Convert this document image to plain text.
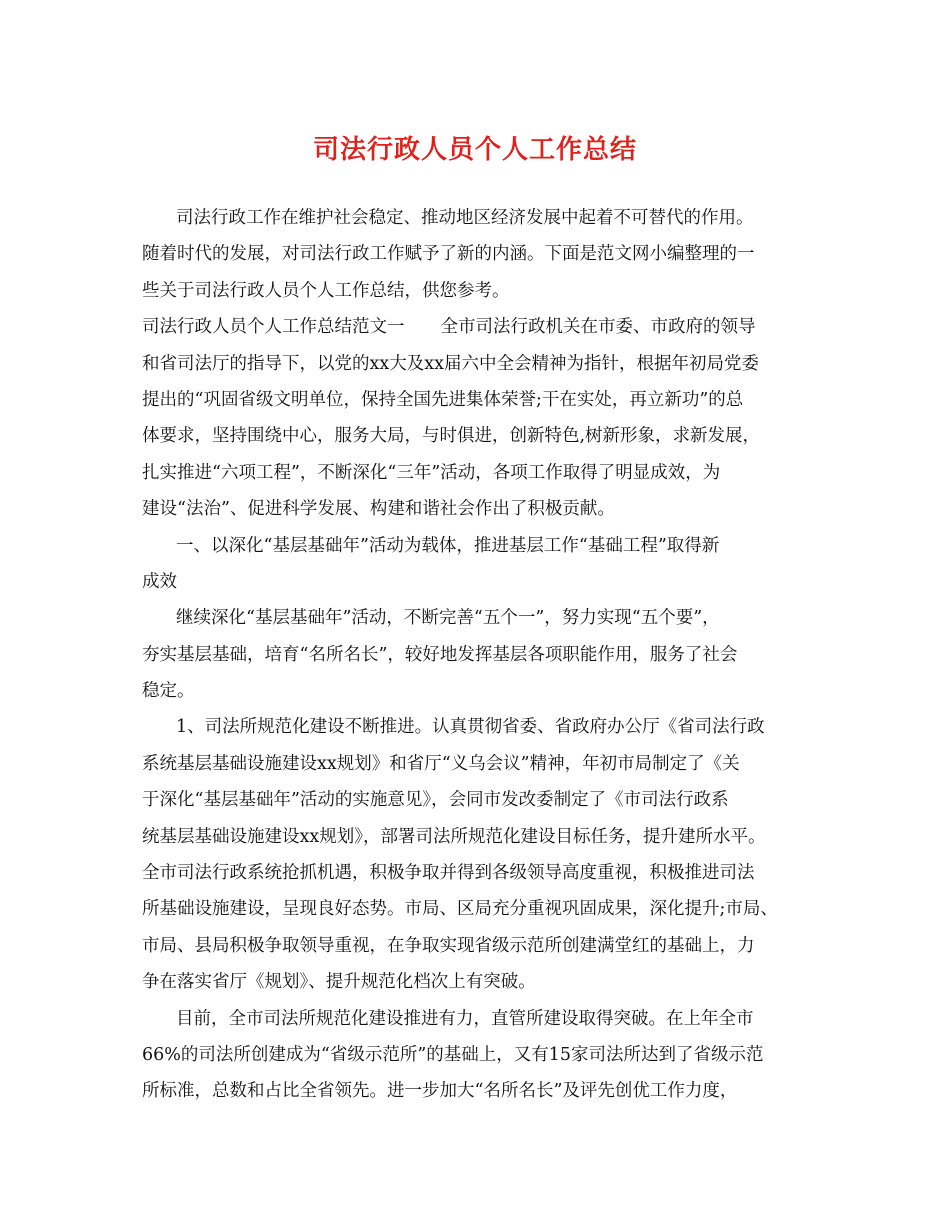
司法行政人员个人工作总结
司法行政工作在维护社会稳定、推动地区经济发展中起着不可替代的作用。
随着时代的发展，对司法行政工作赋予了新的内涵。下面是范文网小编整理的一
些关于司法行政人员个人工作总结，供您参考。
司法行政人员个人工作总结范文一 全市司法行政机关在市委、市政府的领导
和省司法厅的指导下，以党的xx大及xx届六中全会精神为指针，根据年初局党委
提出的“巩固省级文明单位，保持全国先进集体荣誉;干在实处，再立新功”的总
体要求，坚持围绕中心，服务大局，与时俱进，创新特色,树新形象，求新发展，
扎实推进“六项工程”，不断深化“三年”活动，各项工作取得了明显成效，为
建设“法治”、促进科学发展、构建和谐社会作出了积极贡献。
一、以深化“基层基础年”活动为载体，推进基层工作“基础工程”取得新
成效
继续深化“基层基础年”活动，不断完善“五个一”，努力实现“五个要”，
夯实基层基础，培育“名所名长”，较好地发挥基层各项职能作用，服务了社会
稳定。
1、司法所规范化建设不断推进。认真贯彻省委、省政府办公厅《省司法行政
系统基层基础设施建设xx规划》和省厅“义乌会议”精神，年初市局制定了《关
于深化“基层基础年”活动的实施意见》，会同市发改委制定了《市司法行政系
统基层基础设施建设xx规划》，部署司法所规范化建设目标任务，提升建所水平。
全市司法行政系统抢抓机遇，积极争取并得到各级领导高度重视，积极推进司法
所基础设施建设，呈现良好态势。市局、区局充分重视巩固成果，深化提升;市局、
市局、县局积极争取领导重视，在争取实现省级示范所创建满堂红的基础上，力
争在落实省厅《规划》、提升规范化档次上有突破。
目前，全市司法所规范化建设推进有力，直管所建设取得突破。在上年全市
66%的司法所创建成为“省级示范所”的基础上，又有15家司法所达到了省级示范
所标准，总数和占比全省领先。进一步加大“名所名长”及评先创优工作力度，
